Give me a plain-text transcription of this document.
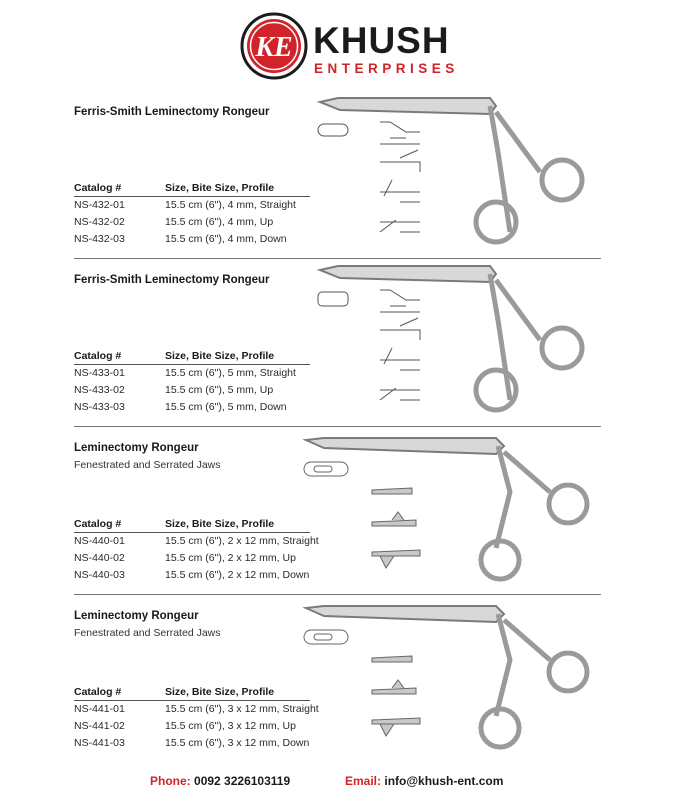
KE KHUSH
ENTERPRISES
Ferris-Smith Leminectomy Rongeur
Catalog #	Size, Bite Size, Profile
NS-432-01	15.5 cm (6"), 4 mm, Straight
NS-432-02	15.5 cm (6"), 4 mm, Up
NS-432-03	15.5 cm (6"), 4 mm, Down
Ferris-Smith Leminectomy Rongeur
Catalog #	Size, Bite Size, Profile
NS-433-01	15.5 cm (6"), 5 mm, Straight
NS-433-02	15.5 cm (6"), 5 mm, Up
NS-433-03	15.5 cm (6"), 5 mm, Down
Leminectomy Rongeur
Fenestrated and Serrated Jaws
Catalog #	Size, Bite Size, Profile
NS-440-01	15.5 cm (6"), 2 x 12 mm, Straight
NS-440-02	15.5 cm (6"), 2 x 12 mm, Up
NS-440-03	15.5 cm (6"), 2 x 12 mm, Down
Leminectomy Rongeur
Fenestrated and Serrated Jaws
Catalog #	Size, Bite Size, Profile
NS-441-01	15.5 cm (6"), 3 x 12 mm, Straight
NS-441-02	15.5 cm (6"), 3 x 12 mm, Up
NS-441-03	15.5 cm (6"), 3 x 12 mm, Down
Phone: 0092 3226103119	Email: info@khush-ent.com
